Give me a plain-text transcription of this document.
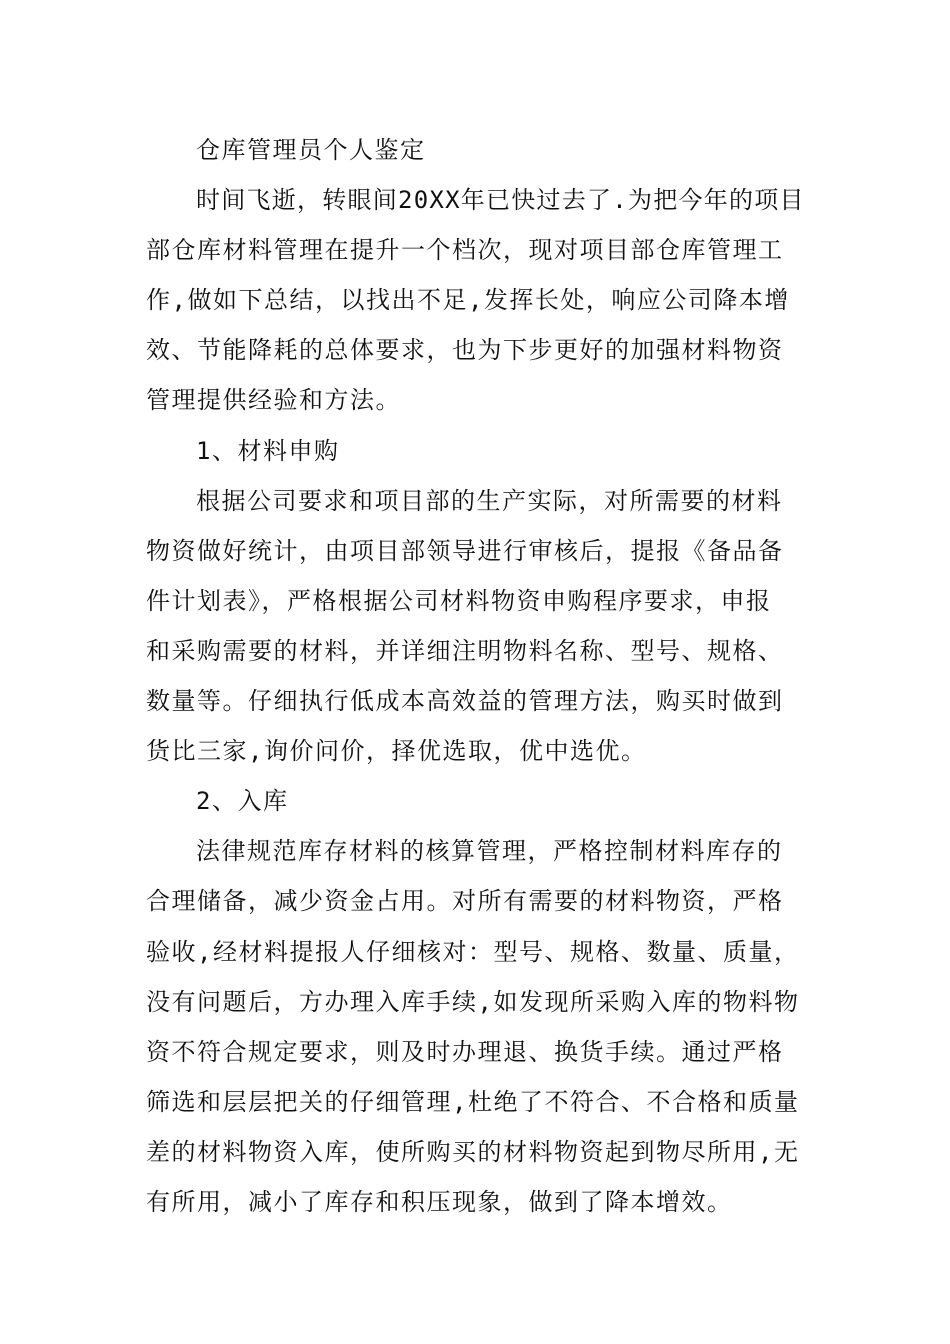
仓库管理员个人鉴定
时间飞逝，转眼间20XX年已快过去了.为把今年的项目
部仓库材料管理在提升一个档次，现对项目部仓库管理工
作,做如下总结，以找出不足,发挥长处，响应公司降本增
效、节能降耗的总体要求，也为下步更好的加强材料物资
管理提供经验和方法。
1、材料申购
根据公司要求和项目部的生产实际，对所需要的材料
物资做好统计，由项目部领导进行审核后，提报《备品备
件计划表》，严格根据公司材料物资申购程序要求，申报
和采购需要的材料，并详细注明物料名称、型号、规格、
数量等。仔细执行低成本高效益的管理方法，购买时做到
货比三家,询价问价，择优选取，优中选优。
2、入库
法律规范库存材料的核算管理，严格控制材料库存的
合理储备，减少资金占用。对所有需要的材料物资，严格
验收,经材料提报人仔细核对：型号、规格、数量、质量，
没有问题后，方办理入库手续,如发现所采购入库的物料物
资不符合规定要求，则及时办理退、换货手续。通过严格
筛选和层层把关的仔细管理,杜绝了不符合、不合格和质量
差的材料物资入库，使所购买的材料物资起到物尽所用,无
有所用，减小了库存和积压现象，做到了降本增效。
